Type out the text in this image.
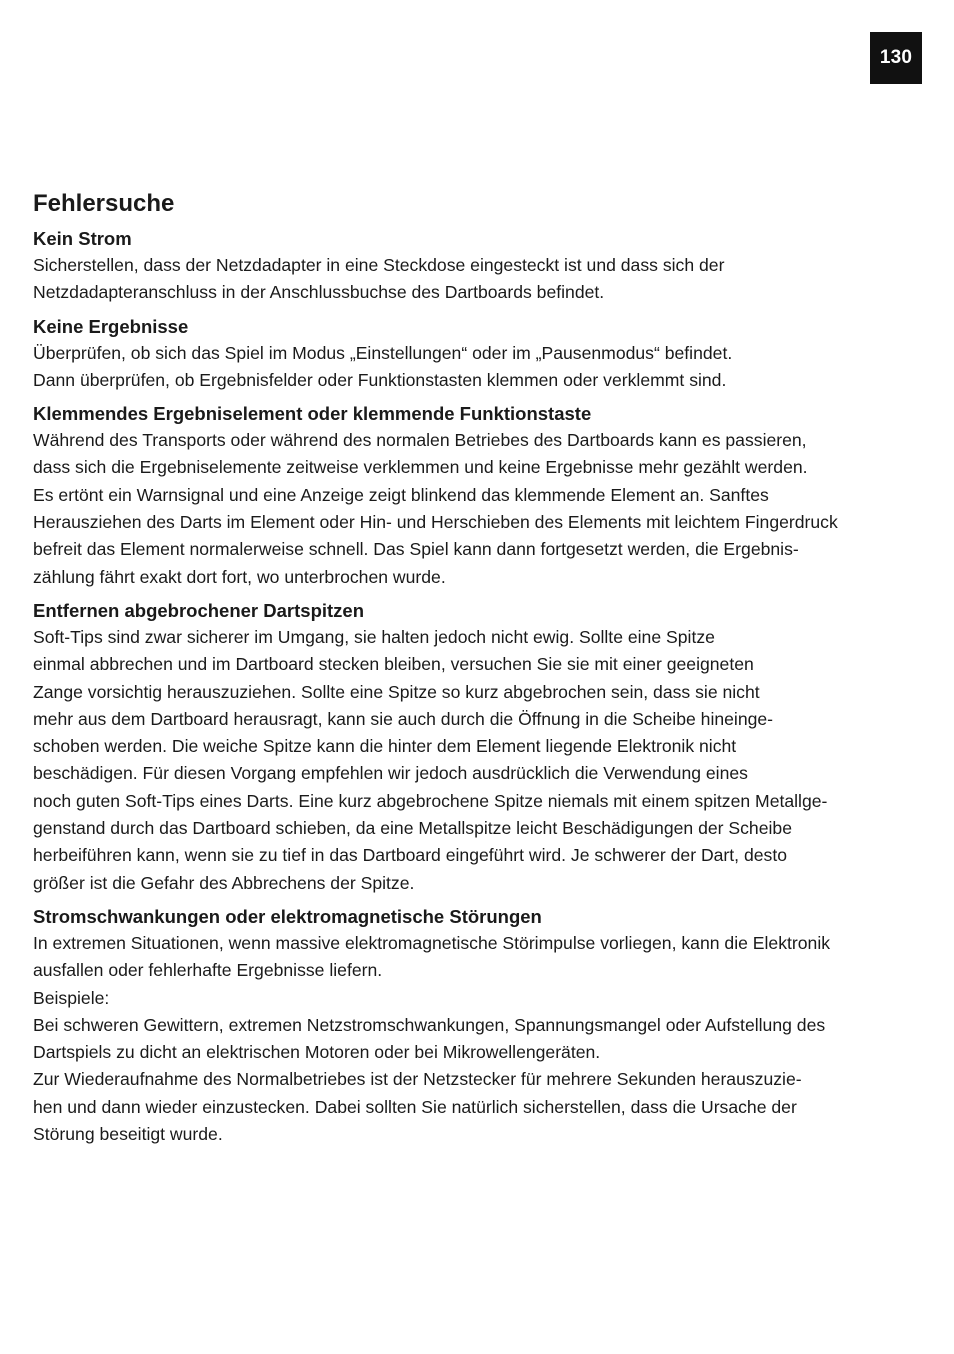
130
Fehlersuche
Kein Strom
Sicherstellen, dass der Netzdadapter in eine Steckdose eingesteckt ist und dass sich der
Netzdadapteranschluss in der Anschlussbuchse des Dartboards befindet.
Keine Ergebnisse
Überprüfen, ob sich das Spiel im Modus „Einstellungen“ oder im „Pausenmodus“ befindet.
Dann überprüfen, ob Ergebnisfelder oder Funktionstasten klemmen oder verklemmt sind.
Klemmendes Ergebniselement oder klemmende Funktionstaste
Während des Transports oder während des normalen Betriebes des Dartboards kann es passieren,
dass sich die Ergebniselemente zeitweise verklemmen und keine Ergebnisse mehr gezählt werden.
Es ertönt ein Warnsignal und eine Anzeige zeigt blinkend das klemmende Element an. Sanftes
Herausziehen des Darts im Element oder Hin- und Herschieben des Elements mit leichtem Fingerdruck
befreit das Element normalerweise schnell. Das Spiel kann dann fortgesetzt werden, die Ergebnis-
zählung fährt exakt dort fort, wo unterbrochen wurde.
Entfernen abgebrochener Dartspitzen
Soft-Tips sind zwar sicherer im Umgang, sie halten jedoch nicht ewig. Sollte eine Spitze
einmal abbrechen und im Dartboard stecken bleiben, versuchen Sie sie mit einer geeigneten
Zange vorsichtig herauszuziehen. Sollte eine Spitze so kurz abgebrochen sein, dass sie nicht
mehr aus dem Dartboard herausragt, kann sie auch durch die Öffnung in die Scheibe hineinge-
schoben werden. Die weiche Spitze kann die hinter dem Element liegende Elektronik nicht
beschädigen. Für diesen Vorgang empfehlen wir jedoch ausdrücklich die Verwendung eines
noch guten Soft-Tips eines Darts. Eine kurz abgebrochene Spitze niemals mit einem spitzen Metallge-
genstand durch das Dartboard schieben, da eine Metallspitze leicht Beschädigungen der Scheibe
herbeiführen kann, wenn sie zu tief in das Dartboard eingeführt wird. Je schwerer der Dart, desto
größer ist die Gefahr des Abbrechens der Spitze.
Stromschwankungen oder elektromagnetische Störungen
In extremen Situationen, wenn massive elektromagnetische Störimpulse vorliegen, kann die Elektronik
ausfallen oder fehlerhafte Ergebnisse liefern.
Beispiele:
Bei schweren Gewittern, extremen Netzstromschwankungen, Spannungsmangel oder Aufstellung des
Dartspiels zu dicht an elektrischen Motoren oder bei Mikrowellengeräten.
Zur Wiederaufnahme des Normalbetriebes ist der Netzstecker für mehrere Sekunden herauszuzie-
hen und dann wieder einzustecken. Dabei sollten Sie natürlich sicherstellen, dass die Ursache der
Störung beseitigt wurde.
